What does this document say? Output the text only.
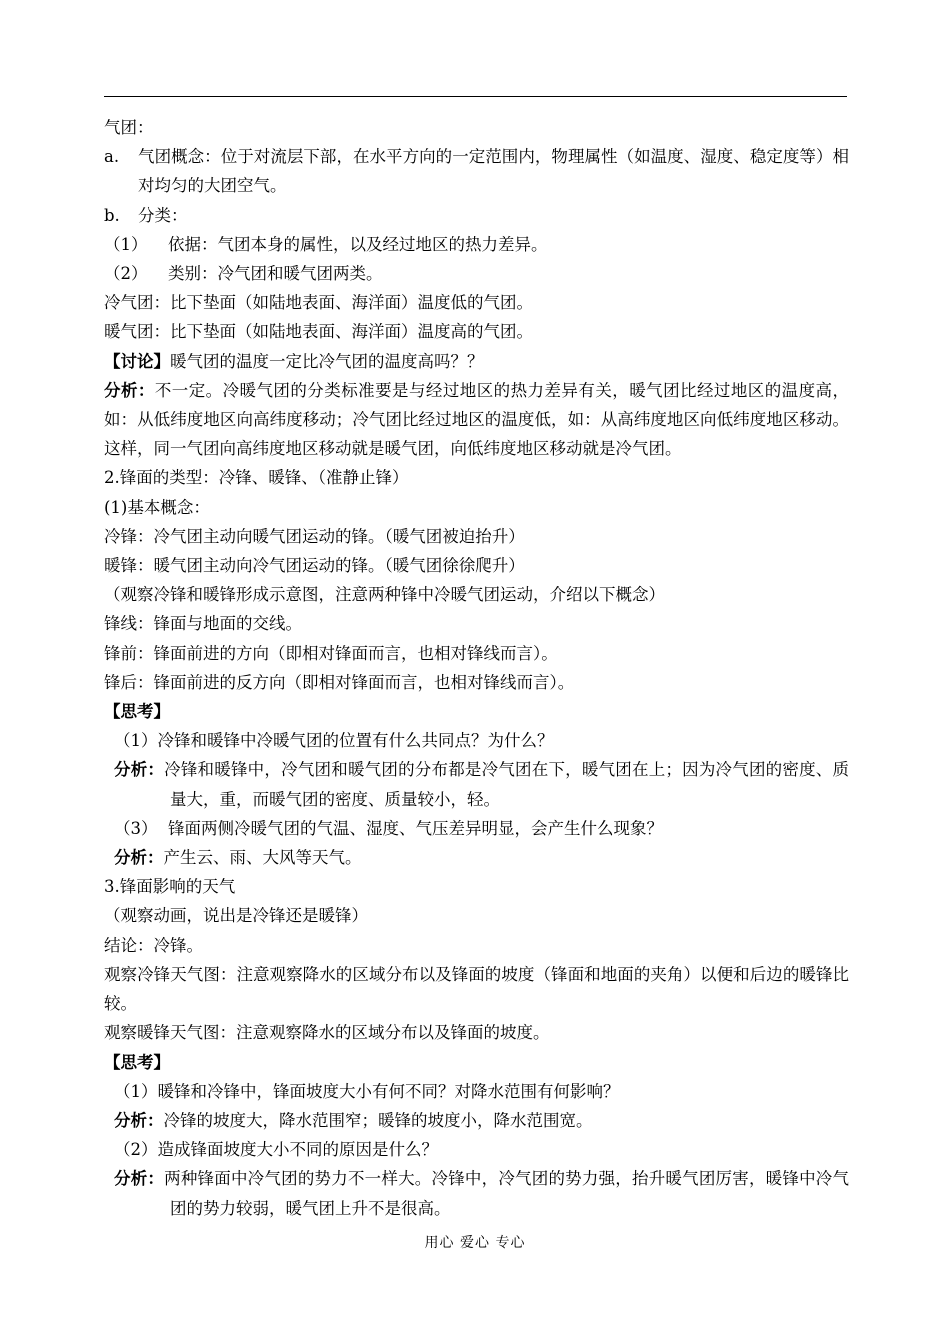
气团：
a. 气团概念：位于对流层下部，在水平方向的一定范围内，物理属性（如温度、湿度、稳定度等）相对均匀的大团空气。
b. 分类：
（1） 依据：气团本身的属性，以及经过地区的热力差异。
（2） 类别：冷气团和暖气团两类。
冷气团：比下垫面（如陆地表面、海洋面）温度低的气团。
暖气团：比下垫面（如陆地表面、海洋面）温度高的气团。
【讨论】暖气团的温度一定比冷气团的温度高吗？？
分析：不一定。冷暖气团的分类标准要是与经过地区的热力差异有关，暖气团比经过地区的温度高，如：从低纬度地区向高纬度移动；冷气团比经过地区的温度低，如：从高纬度地区向低纬度地区移动。这样，同一气团向高纬度地区移动就是暖气团，向低纬度地区移动就是冷气团。
2.锋面的类型：冷锋、暖锋、（准静止锋）
(1)基本概念：
冷锋：冷气团主动向暖气团运动的锋。（暖气团被迫抬升）
暖锋：暖气团主动向冷气团运动的锋。（暖气团徐徐爬升）
（观察冷锋和暖锋形成示意图，注意两种锋中冷暖气团运动，介绍以下概念）
锋线：锋面与地面的交线。
锋前：锋面前进的方向（即相对锋面而言，也相对锋线而言）。
锋后：锋面前进的反方向（即相对锋面而言，也相对锋线而言）。
【思考】
（1）冷锋和暖锋中冷暖气团的位置有什么共同点？为什么？
分析：冷锋和暖锋中，冷气团和暖气团的分布都是冷气团在下，暖气团在上；因为冷气团的密度、质量大，重，而暖气团的密度、质量较小，轻。
（3） 锋面两侧冷暖气团的气温、湿度、气压差异明显，会产生什么现象？
分析：产生云、雨、大风等天气。
3.锋面影响的天气
（观察动画，说出是冷锋还是暖锋）
结论：冷锋。
观察冷锋天气图：注意观察降水的区域分布以及锋面的坡度（锋面和地面的夹角）以便和后边的暖锋比较。
观察暖锋天气图：注意观察降水的区域分布以及锋面的坡度。
【思考】
（1）暖锋和冷锋中，锋面坡度大小有何不同？对降水范围有何影响？
分析：冷锋的坡度大，降水范围窄；暖锋的坡度小，降水范围宽。
（2）造成锋面坡度大小不同的原因是什么？
分析：两种锋面中冷气团的势力不一样大。冷锋中，冷气团的势力强，抬升暖气团厉害，暖锋中冷气团的势力较弱，暖气团上升不是很高。
用心 爱心 专心
